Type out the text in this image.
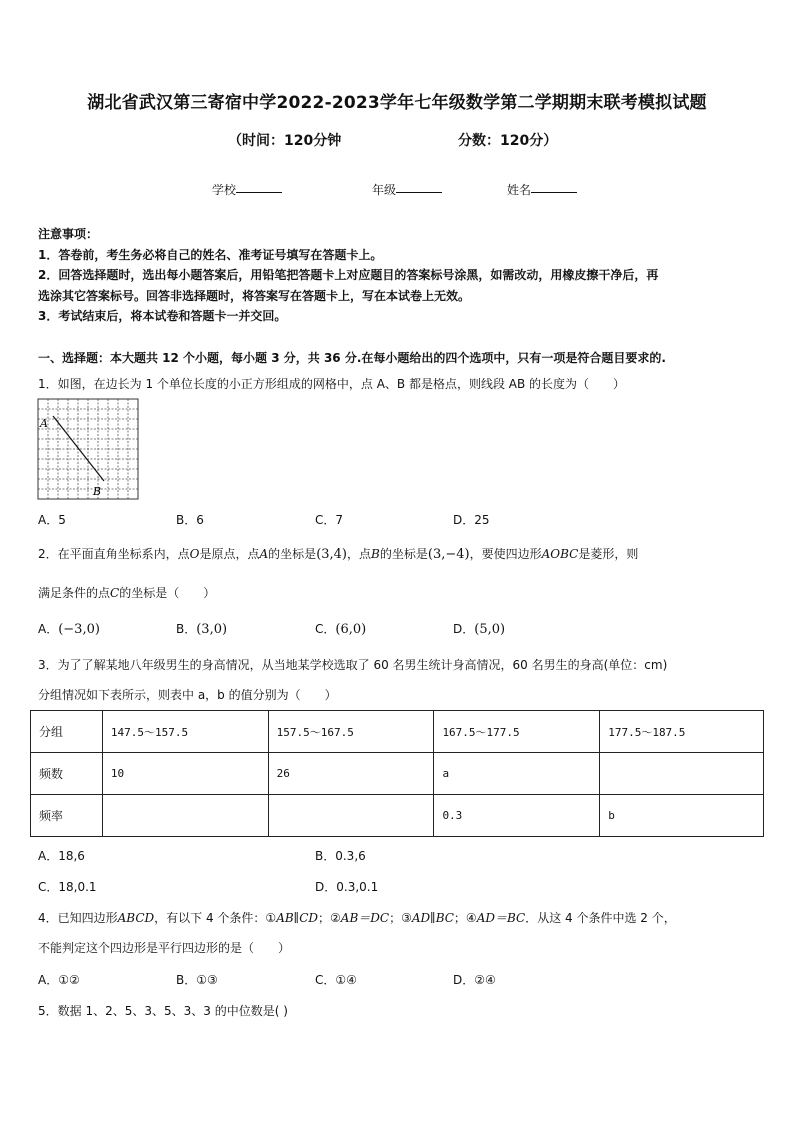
湖北省武汉第三寄宿中学2022-2023学年七年级数学第二学期期末联考模拟试题
（时间：120分钟	分数：120分）
学校	年级	姓名
注意事项：
1．答卷前，考生务必将自己的姓名、准考证号填写在答题卡上。
2．回答选择题时，选出每小题答案后，用铅笔把答题卡上对应题目的答案标号涂黑，如需改动，用橡皮擦干净后，再
选涂其它答案标号。回答非选择题时，将答案写在答题卡上，写在本试卷上无效。
3．考试结束后，将本试卷和答题卡一并交回。
一、选择题：本大题共 12 个小题，每小题 3 分，共 36 分.在每小题给出的四个选项中，只有一项是符合题目要求的.
1．如图，在边长为 1 个单位长度的小正方形组成的网格中，点 A、B 都是格点，则线段 AB 的长度为（　　）
A
B
A．5	B．6	C．7	D．25
2．在平面直角坐标系内，点O是原点，点A的坐标是(3,4)，点B的坐标是(3,−4)，要使四边形AOBC是菱形，则
满足条件的点C的坐标是（　　）
A．(−3,0)	B．(3,0)	C．(6,0)	D．(5,0)
3．为了了解某地八年级男生的身高情况，从当地某学校选取了 60 名男生统计身高情况，60 名男生的身高(单位：cm)
分组情况如下表所示，则表中 a，b 的值分别为（　　）
分组	147.5～157.5	157.5～167.5	167.5～177.5	177.5～187.5
频数	10	26	a	
频率			0.3	b
A．18,6	B．0.3,6
C．18,0.1	D．0.3,0.1
4．已知四边形ABCD，有以下 4 个条件：①AB∥CD；②AB＝DC；③AD∥BC；④AD＝BC．从这 4 个条件中选 2 个，
不能判定这个四边形是平行四边形的是（　　）
A．①②	B．①③	C．①④	D．②④
5．数据 1、2、5、3、5、3、3 的中位数是( )
